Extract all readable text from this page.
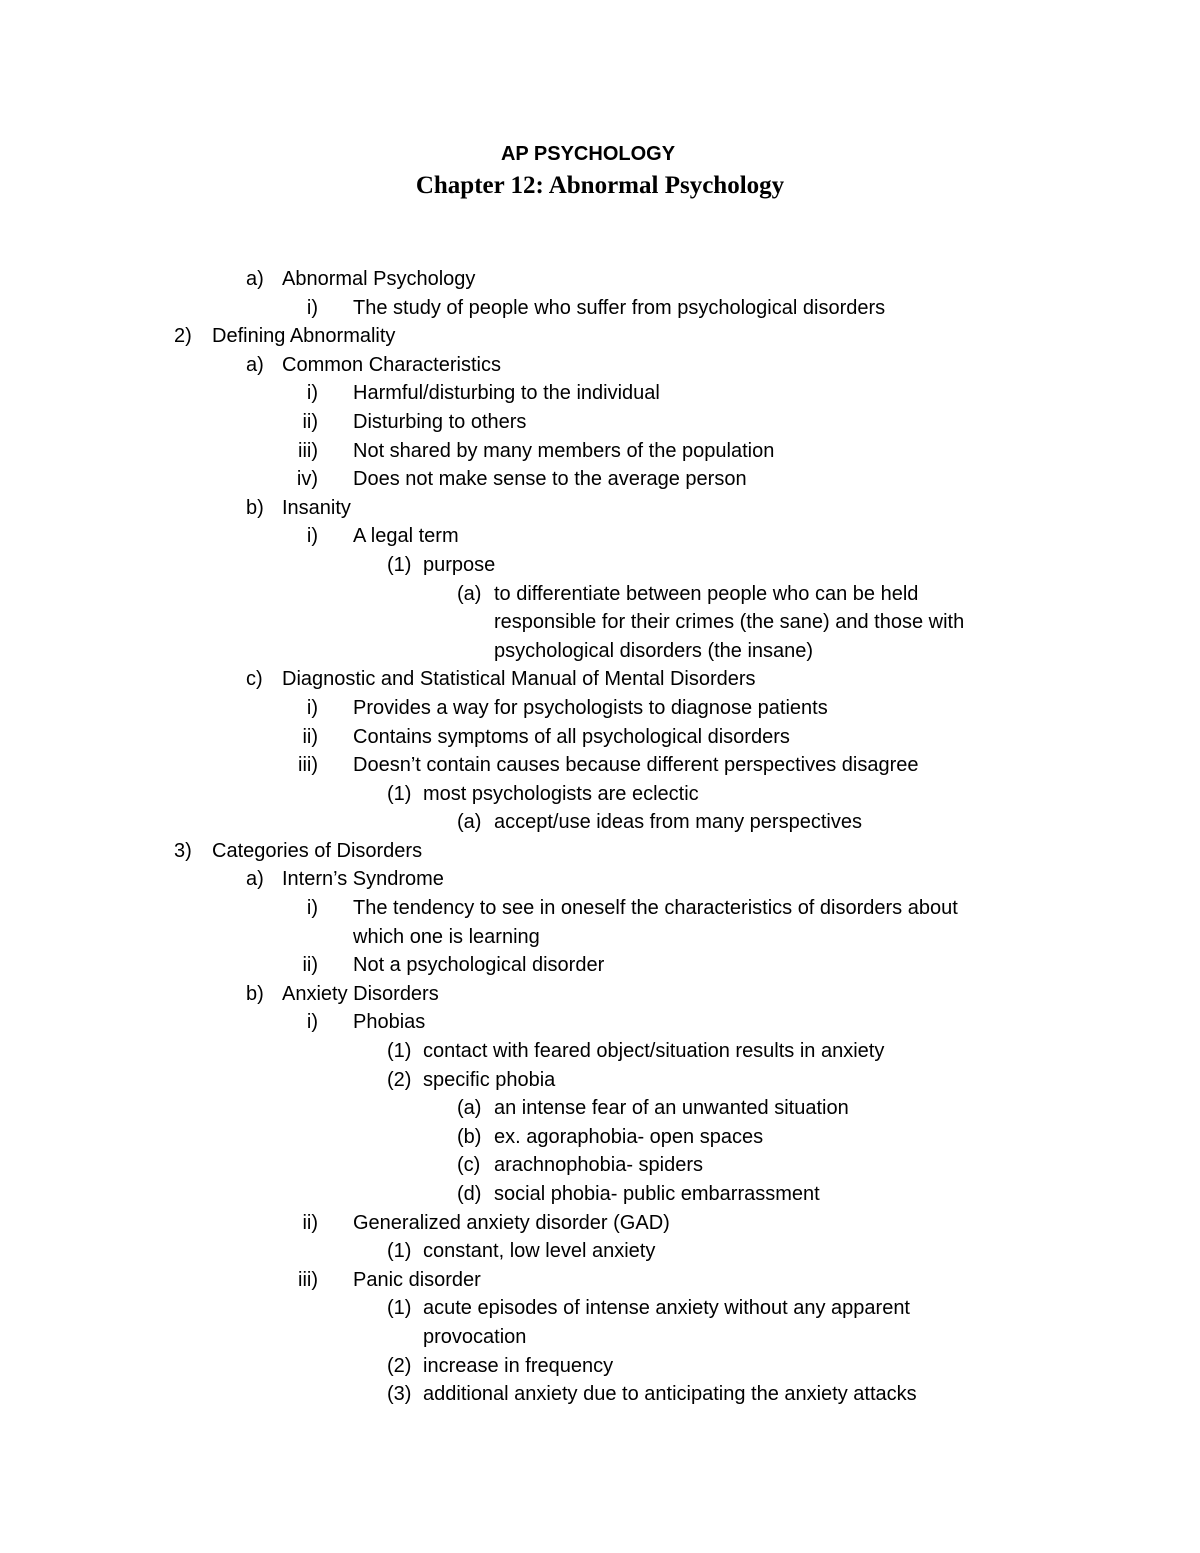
AP PSYCHOLOGY
Chapter 12: Abnormal Psychology
a) Abnormal Psychology
i) The study of people who suffer from psychological disorders
2) Defining Abnormality
a) Common Characteristics
i) Harmful/disturbing to the individual
ii) Disturbing to others
iii) Not shared by many members of the population
iv) Does not make sense to the average person
b) Insanity
i) A legal term
(1) purpose
(a) to differentiate between people who can be held
responsible for their crimes (the sane) and those with
psychological disorders (the insane)
c) Diagnostic and Statistical Manual of Mental Disorders
i) Provides a way for psychologists to diagnose patients
ii) Contains symptoms of all psychological disorders
iii) Doesn’t contain causes because different perspectives disagree
(1) most psychologists are eclectic
(a) accept/use ideas from many perspectives
3) Categories of Disorders
a) Intern’s Syndrome
i) The tendency to see in oneself the characteristics of disorders about
which one is learning
ii) Not a psychological disorder
b) Anxiety Disorders
i) Phobias
(1) contact with feared object/situation results in anxiety
(2) specific phobia
(a) an intense fear of an unwanted situation
(b) ex. agoraphobia- open spaces
(c) arachnophobia- spiders
(d) social phobia- public embarrassment
ii) Generalized anxiety disorder (GAD)
(1) constant, low level anxiety
iii) Panic disorder
(1) acute episodes of intense anxiety without any apparent
provocation
(2) increase in frequency
(3) additional anxiety due to anticipating the anxiety attacks
